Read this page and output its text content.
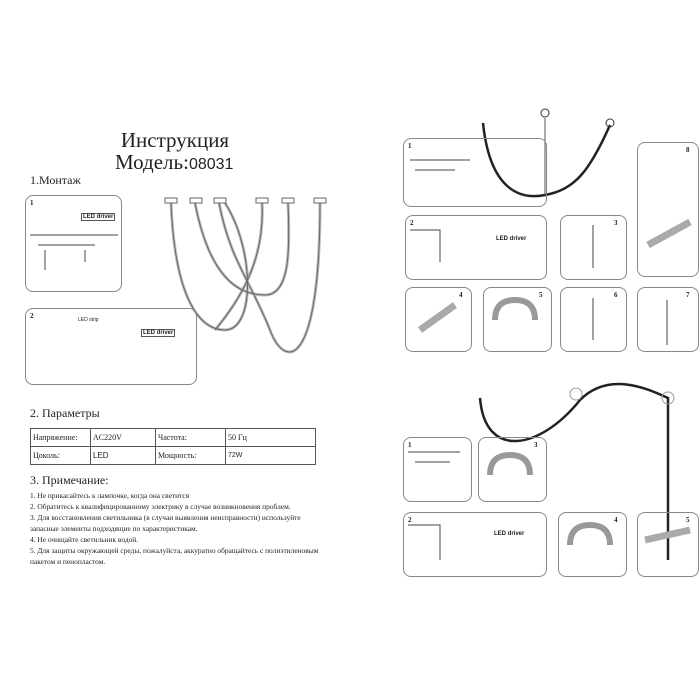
Инструкция
Модель:08031
1.Монтаж
1
LED driver
2	LED strip
LED driver
1	8
2
LED driver
3
4	5	6	7
1	3
2
LED driver
4	5
2. Параметры
Напряжение:	AC220V	Частота:	50 Гц
Цоколь:	LED	Мощность:	72W
3. Примечание:
1. Не прикасайтесь к лампочке, когда она светится
2. Обратитесь к квалифицированному электрику в случае возникновения проблем.
3. Для восстановления светильника (в случаи выявления неисправности) используйте запасные элементы подходящие по хaрактеристикам.
4. Не очищайте светильник водой.
5. Для защиты окружающей среды, пожалуйста, аккуратно обращайтесь с полиэтиленовым пакетом и пенопластом.
